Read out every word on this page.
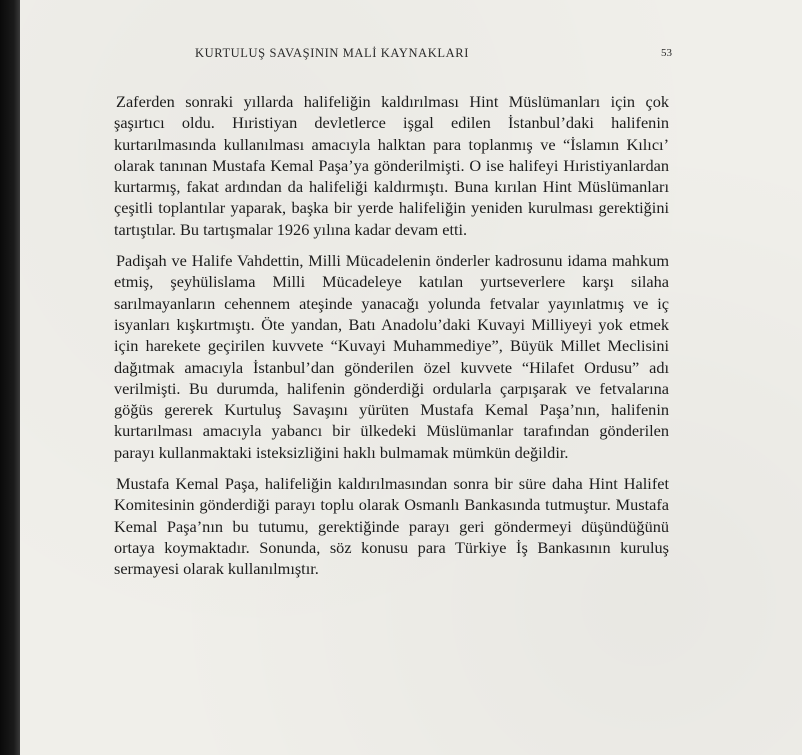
KURTULUŞ SAVAŞININ MALİ KAYNAKLARI	53

Zaferden sonraki yıllarda halifeliğin kaldırılması Hint Müslümanları için çok şaşırtıcı oldu. Hıristiyan devletlerce işgal edilen İstanbul’daki halifenin kurtarılmasında kullanılması amacıyla halktan para toplanmış ve “İslamın Kılıcı’ olarak tanınan Mustafa Kemal Paşa’ya gönderilmişti. O ise halifeyi Hıristiyanlardan kurtarmış, fakat ardından da halifeliği kaldırmıştı. Buna kırılan Hint Müslümanları çeşitli toplantılar yaparak, başka bir yerde halifeliğin yeniden kurulması gerektiğini tartıştılar. Bu tartışmalar 1926 yılına kadar devam etti.

Padişah ve Halife Vahdettin, Milli Mücadelenin önderler kadrosunu idama mahkum etmiş, şeyhülislama Milli Mücadeleye katılan yurtseverlere karşı silaha sarılmayanların cehennem ateşinde yanacağı yolunda fetvalar yayınlatmış ve iç isyanları kışkırtmıştı. Öte yandan, Batı Anadolu’daki Kuvayi Milliyeyi yok etmek için harekete geçirilen kuvvete “Kuvayi Muhammediye”, Büyük Millet Meclisini dağıtmak amacıyla İstanbul’dan gönderilen özel kuvvete “Hilafet Ordusu” adı verilmişti. Bu durumda, halifenin gönderdiği ordularla çarpışarak ve fetvalarına göğüs gererek Kurtuluş Savaşını yürüten Mustafa Kemal Paşa’nın, halifenin kurtarılması amacıyla yabancı bir ülkedeki Müslümanlar tarafından gönderilen parayı kullanmaktaki isteksizliğini haklı bulmamak mümkün değildir.

Mustafa Kemal Paşa, halifeliğin kaldırılmasından sonra bir süre daha Hint Halifet Komitesinin gönderdiği parayı toplu olarak Osmanlı Bankasında tutmuştur. Mustafa Kemal Paşa’nın bu tutumu, gerektiğinde parayı geri göndermeyi düşündüğünü ortaya koymaktadır. Sonunda, söz konusu para Türkiye İş Bankasının kuruluş sermayesi olarak kullanılmıştır.
